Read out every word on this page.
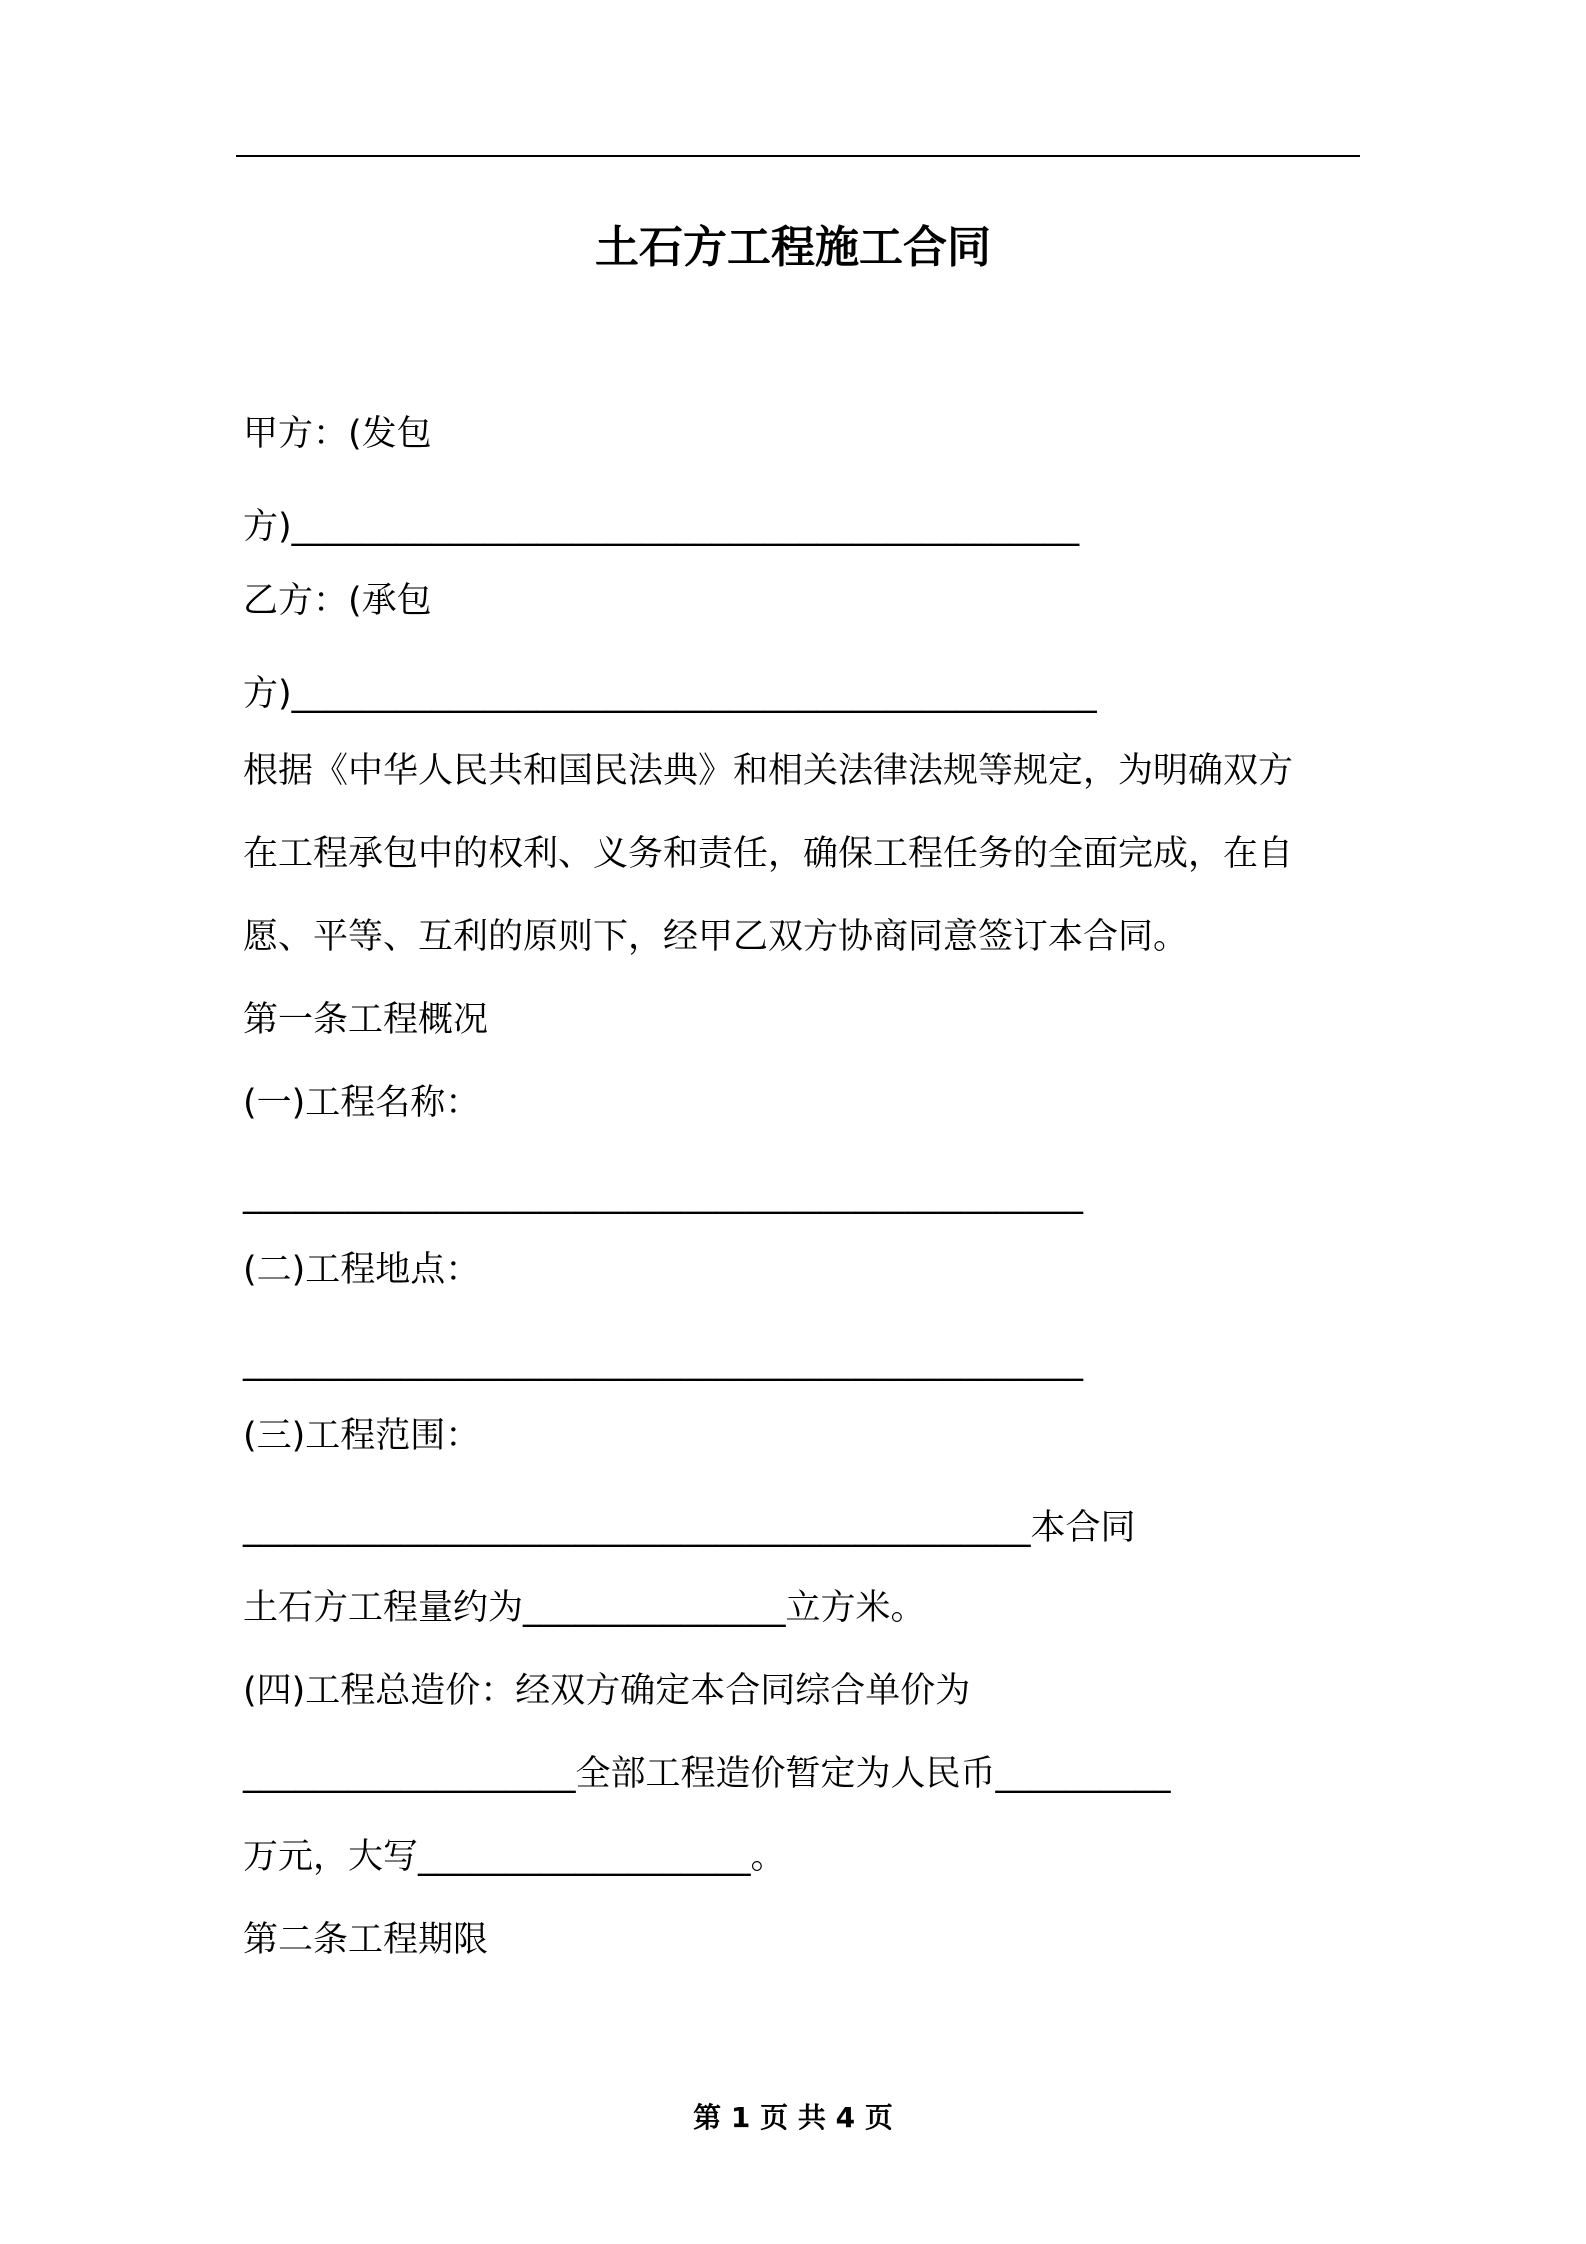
土石方工程施工合同
甲方：(发包
方)_____________________________________________
乙方：(承包
方)______________________________________________
根据《中华人民共和国民法典》和相关法律法规等规定，为明确双方
在工程承包中的权利、义务和责任，确保工程任务的全面完成，在自
愿、平等、互利的原则下，经甲乙双方协商同意签订本合同。
第一条工程概况
(一)工程名称：
________________________________________________
(二)工程地点：
________________________________________________
(三)工程范围：
_____________________________________________本合同
土石方工程量约为_______________立方米。
(四)工程总造价：经双方确定本合同综合单价为
___________________全部工程造价暂定为人民币__________
万元，大写___________________。
第二条工程期限
第 1 页 共 4 页
